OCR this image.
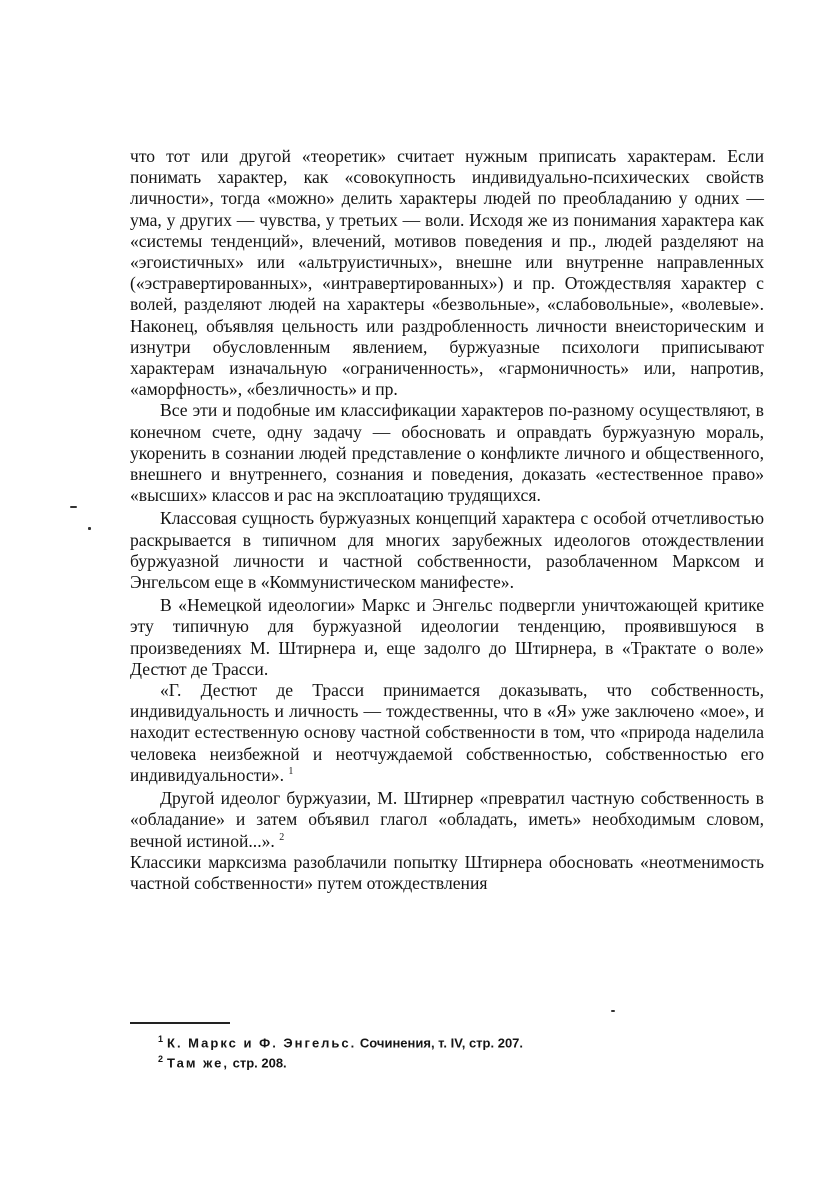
что тот или другой «теоретик» считает нужным приписать характерам. Если понимать характер, как «совокупность индивидуально-психических свойств личности», тогда «можно» делить характеры людей по преобладанию у одних — ума, у других — чувства, у третьих — воли. Исходя же из понимания характера как «системы тенденций», влечений, мотивов поведения и пр., людей разделяют на «эгоистичных» или «альтруистичных», внешне или внутренне направленных («эстравертированных», «интравертированных») и пр. Отождествляя характер с волей, разделяют людей на характеры «безвольные», «слабовольные», «волевые». Наконец, объявляя цельность или раздробленность личности внеисторическим и изнутри обусловленным явлением, буржуазные психологи приписывают характерам изначальную «ограниченность», «гармоничность» или, напротив, «аморфность», «безличность» и пр.

Все эти и подобные им классификации характеров по-разному осуществляют, в конечном счете, одну задачу — обосновать и оправдать буржуазную мораль, укоренить в сознании людей представление о конфликте личного и общественного, внешнего и внутреннего, сознания и поведения, доказать «естественное право» «высших» классов и рас на эксплоатацию трудящихся.

Классовая сущность буржуазных концепций характера с особой отчетливостью раскрывается в типичном для многих зарубежных идеологов отождествлении буржуазной личности и частной собственности, разоблаченном Марксом и Энгельсом еще в «Коммунистическом манифесте».

В «Немецкой идеологии» Маркс и Энгельс подвергли уничтожающей критике эту типичную для буржуазной идеологии тенденцию, проявившуюся в произведениях М. Штирнера и, еще задолго до Штирнера, в «Трактате о воле» Дестют де Трасси.

«Г. Дестют де Трасси принимается доказывать, что собственность, индивидуальность и личность — тождественны, что в «Я» уже заключено «мое», и находит естественную основу частной собственности в том, что «природа наделила человека неизбежной и неотчуждаемой собственностью, собственностью его индивидуальности». $^1$

Другой идеолог буржуазии, М. Штирнер «превратил частную собственность в «обладание» и затем объявил глагол «обладать, иметь» необходимым словом, вечной истиной...». $^2$
Классики марксизма разоблачили попытку Штирнера обосновать «неотменимость частной собственности» путем отождествления

$^1$ К. Маркс и Ф. Энгельс. Сочинения, т. IV, стр. 207.

$^2$ Там же, стр. 208.
